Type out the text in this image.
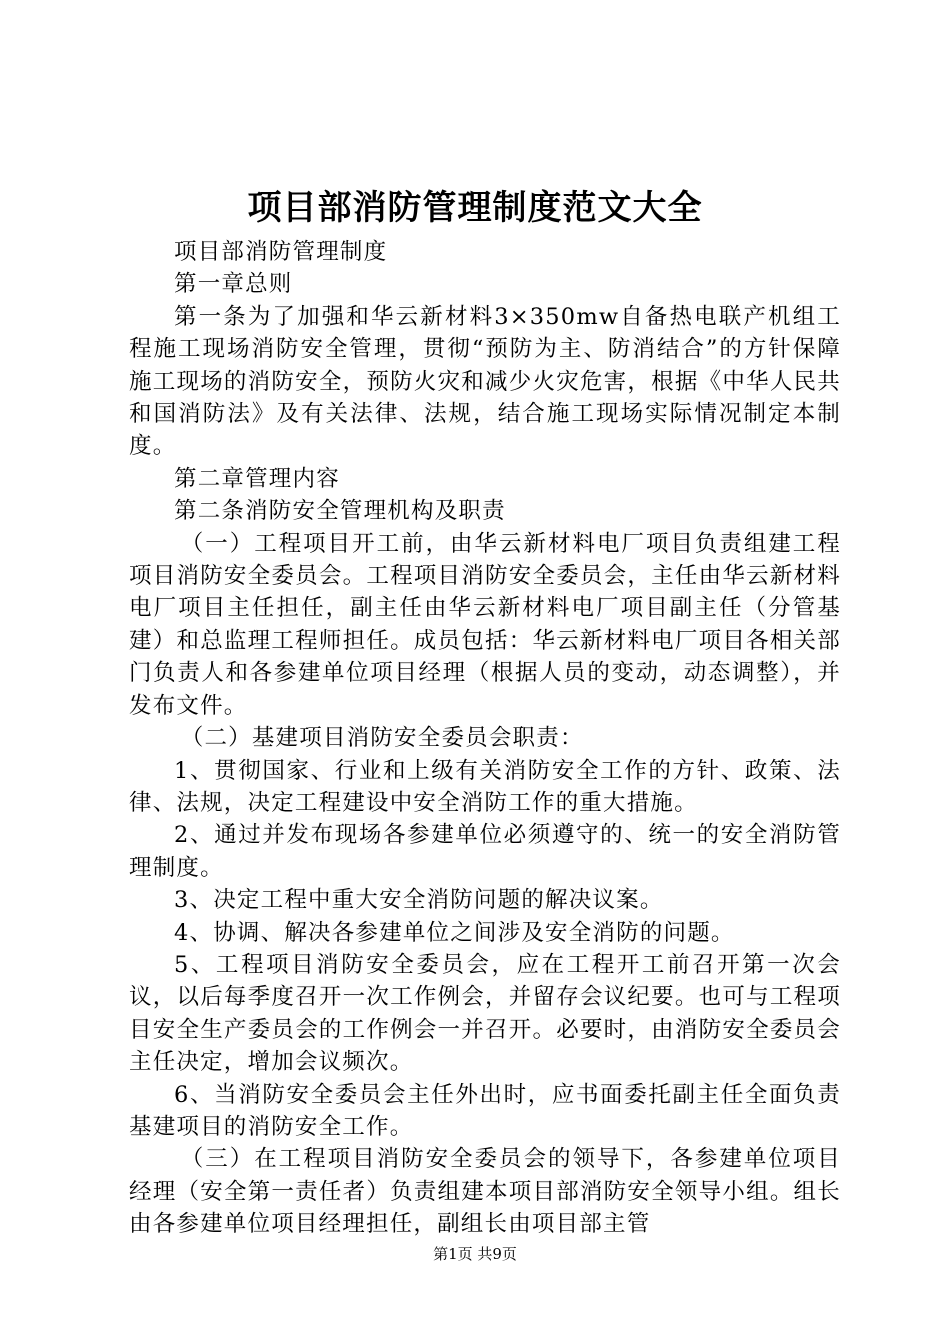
项目部消防管理制度范文大全

项目部消防管理制度

第一章总则

第一条为了加强和华云新材料3×350mw自备热电联产机组工程施工现场消防安全管理，贯彻“预防为主、防消结合”的方针保障施工现场的消防安全，预防火灾和减少火灾危害，根据《中华人民共和国消防法》及有关法律、法规，结合施工现场实际情况制定本制度。

第二章管理内容

第二条消防安全管理机构及职责

（一）工程项目开工前，由华云新材料电厂项目负责组建工程项目消防安全委员会。工程项目消防安全委员会，主任由华云新材料电厂项目主任担任，副主任由华云新材料电厂项目副主任（分管基建）和总监理工程师担任。成员包括：华云新材料电厂项目各相关部门负责人和各参建单位项目经理（根据人员的变动，动态调整），并发布文件。

（二）基建项目消防安全委员会职责：

1、贯彻国家、行业和上级有关消防安全工作的方针、政策、法律、法规，决定工程建设中安全消防工作的重大措施。

2、通过并发布现场各参建单位必须遵守的、统一的安全消防管理制度。

3、决定工程中重大安全消防问题的解决议案。

4、协调、解决各参建单位之间涉及安全消防的问题。

5、工程项目消防安全委员会，应在工程开工前召开第一次会议，以后每季度召开一次工作例会，并留存会议纪要。也可与工程项目安全生产委员会的工作例会一并召开。必要时，由消防安全委员会主任决定，增加会议频次。

6、当消防安全委员会主任外出时，应书面委托副主任全面负责基建项目的消防安全工作。

（三）在工程项目消防安全委员会的领导下，各参建单位项目经理（安全第一责任者）负责组建本项目部消防安全领导小组。组长由各参建单位项目经理担任，副组长由项目部主管

第1页 共9页
